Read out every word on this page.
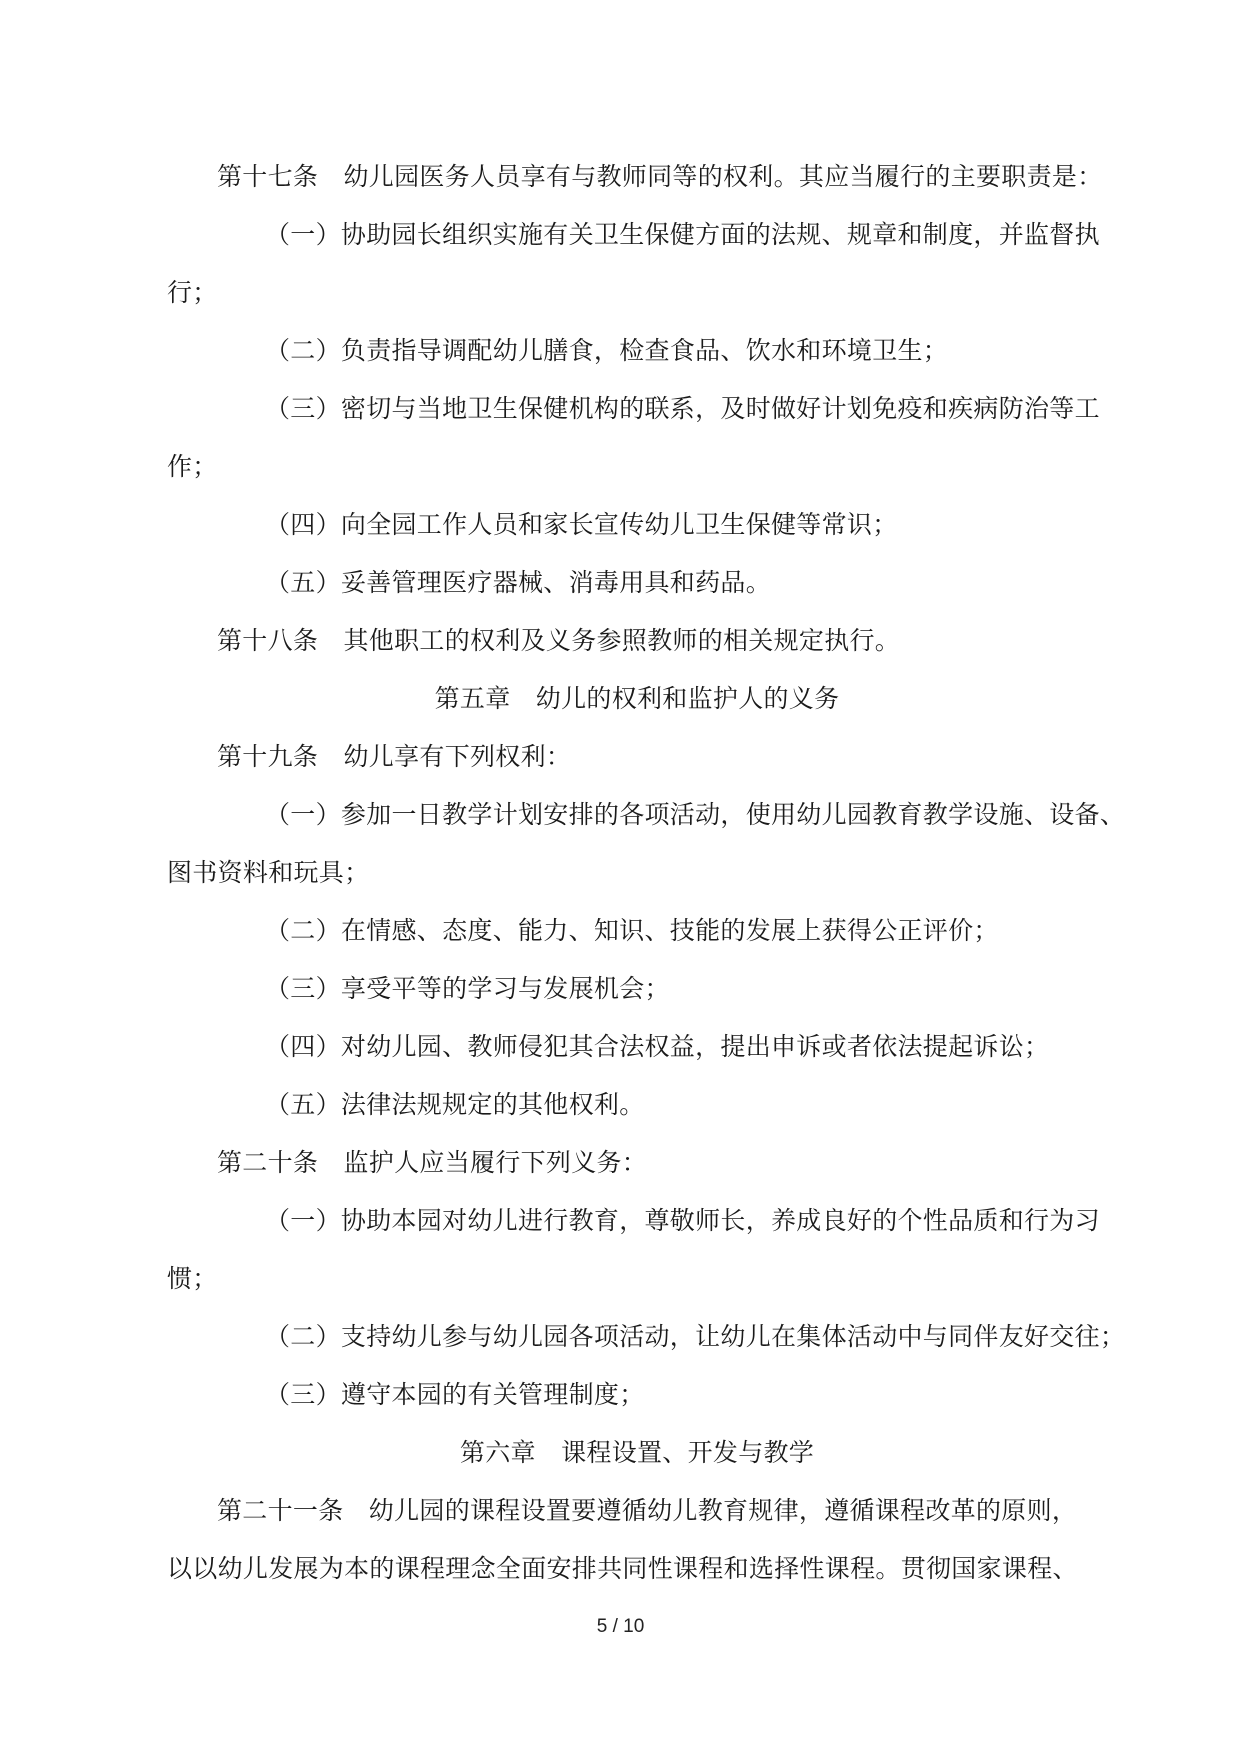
第十七条　幼儿园医务人员享有与教师同等的权利。其应当履行的主要职责是：
（一）协助园长组织实施有关卫生保健方面的法规、规章和制度，并监督执
行；
（二）负责指导调配幼儿膳食，检查食品、饮水和环境卫生；
（三）密切与当地卫生保健机构的联系，及时做好计划免疫和疾病防治等工
作；
（四）向全园工作人员和家长宣传幼儿卫生保健等常识；
（五）妥善管理医疗器械、消毒用具和药品。
第十八条　其他职工的权利及义务参照教师的相关规定执行。
第五章　幼儿的权利和监护人的义务
第十九条　幼儿享有下列权利：
（一）参加一日教学计划安排的各项活动，使用幼儿园教育教学设施、设备、
图书资料和玩具；
（二）在情感、态度、能力、知识、技能的发展上获得公正评价；
（三）享受平等的学习与发展机会；
（四）对幼儿园、教师侵犯其合法权益，提出申诉或者依法提起诉讼；
（五）法律法规规定的其他权利。
第二十条　监护人应当履行下列义务：
（一）协助本园对幼儿进行教育，尊敬师长，养成良好的个性品质和行为习
惯；
（二）支持幼儿参与幼儿园各项活动，让幼儿在集体活动中与同伴友好交往；
（三）遵守本园的有关管理制度；
第六章　课程设置、开发与教学
第二十一条　幼儿园的课程设置要遵循幼儿教育规律，遵循课程改革的原则，
以以幼儿发展为本的课程理念全面安排共同性课程和选择性课程。贯彻国家课程、
5 / 10
